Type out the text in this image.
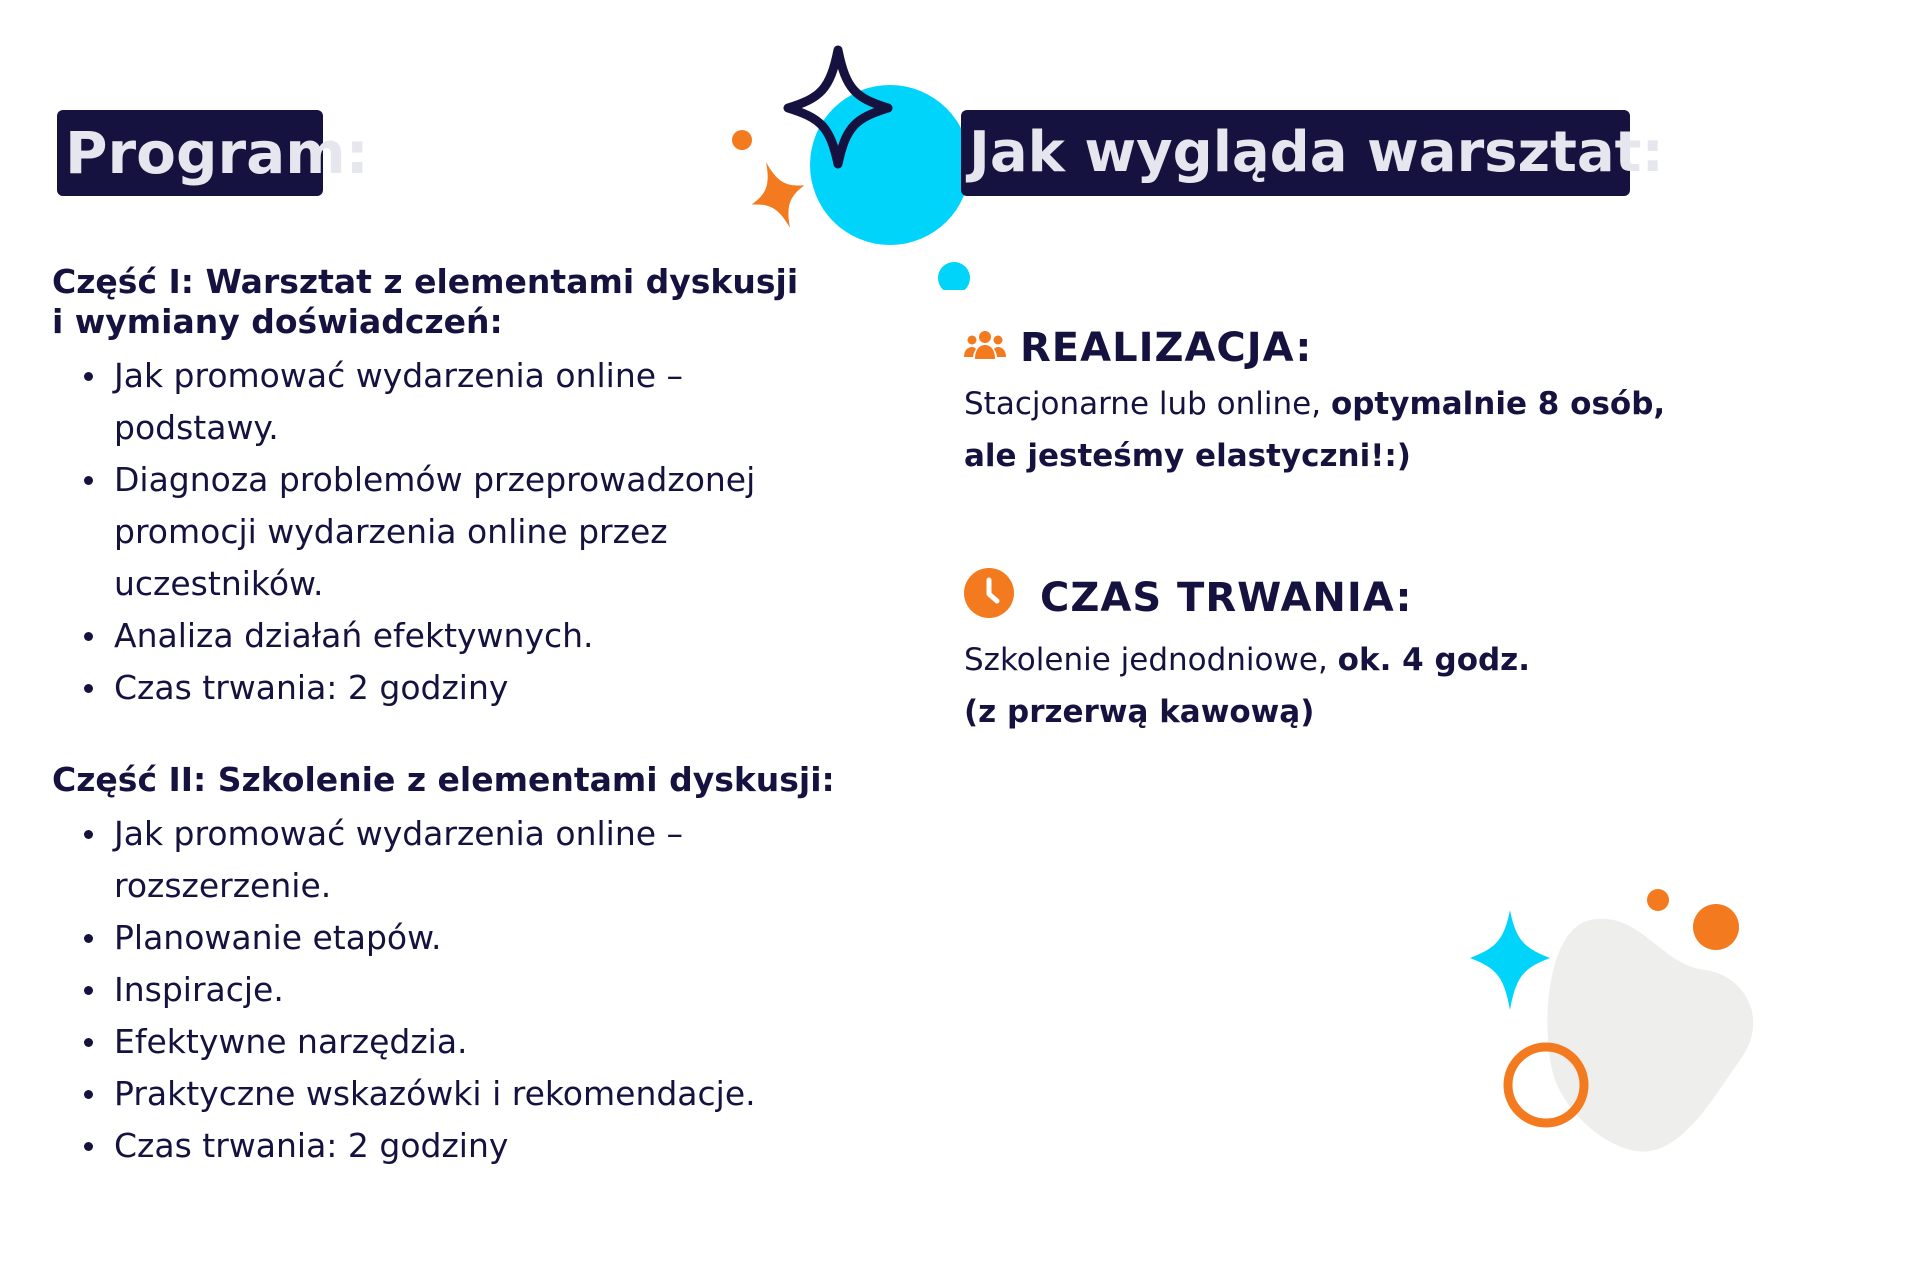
Program:	Jak wygląda warsztat:
Część I: Warsztat z elementami dyskusji
i wymiany doświadczeń:
Jak promować wydarzenia online –
podstawy.
Diagnoza problemów przeprowadzonej
promocji wydarzenia online przez
uczestników.
Analiza działań efektywnych.
Czas trwania: 2 godziny
Część II: Szkolenie z elementami dyskusji:
Jak promować wydarzenia online –
rozszerzenie.
Planowanie etapów.
Inspiracje.
Efektywne narzędzia.
Praktyczne wskazówki i rekomendacje.
Czas trwania: 2 godziny
REALIZACJA:
Stacjonarne lub online, optymalnie 8 osób,
ale jesteśmy elastyczni!:)
CZAS TRWANIA:
Szkolenie jednodniowe, ok. 4 godz.
(z przerwą kawową)
